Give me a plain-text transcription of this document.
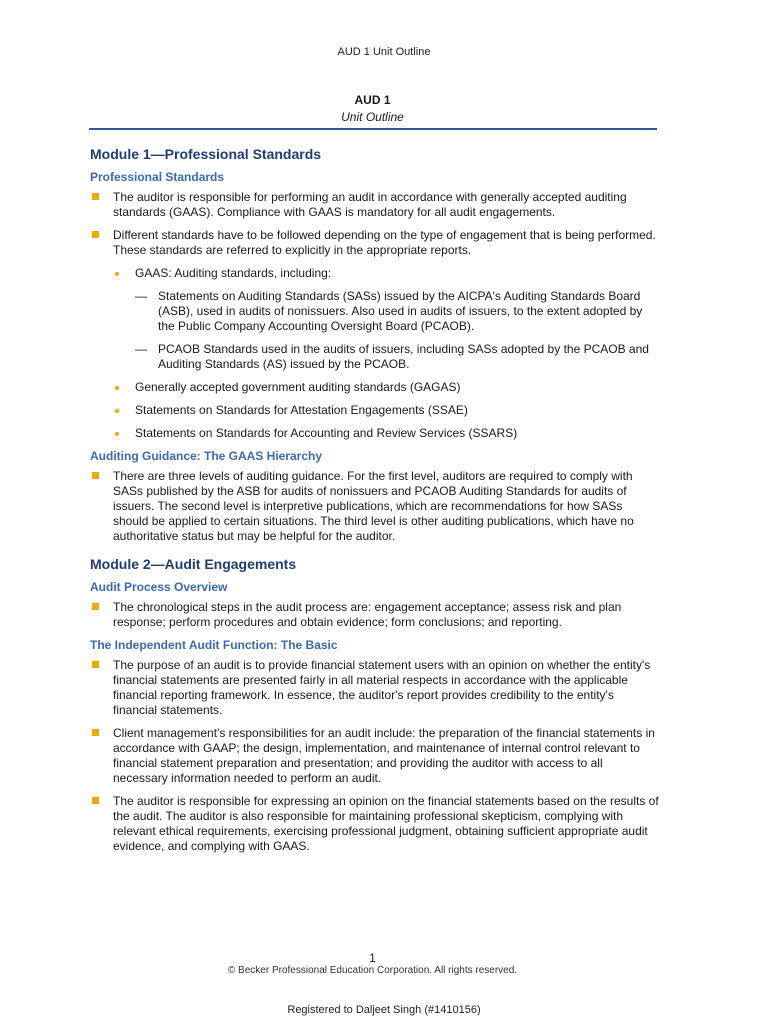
AUD 1 Unit Outline
AUD 1
Unit Outline
Module 1—Professional Standards
Professional Standards
The auditor is responsible for performing an audit in accordance with generally accepted auditing standards (GAAS). Compliance with GAAS is mandatory for all audit engagements.
Different standards have to be followed depending on the type of engagement that is being performed. These standards are referred to explicitly in the appropriate reports.
GAAS: Auditing standards, including:
— Statements on Auditing Standards (SASs) issued by the AICPA's Auditing Standards Board (ASB), used in audits of nonissuers. Also used in audits of issuers, to the extent adopted by the Public Company Accounting Oversight Board (PCAOB).
— PCAOB Standards used in the audits of issuers, including SASs adopted by the PCAOB and Auditing Standards (AS) issued by the PCAOB.
Generally accepted government auditing standards (GAGAS)
Statements on Standards for Attestation Engagements (SSAE)
Statements on Standards for Accounting and Review Services (SSARS)
Auditing Guidance: The GAAS Hierarchy
There are three levels of auditing guidance. For the first level, auditors are required to comply with SASs published by the ASB for audits of nonissuers and PCAOB Auditing Standards for audits of issuers. The second level is interpretive publications, which are recommendations for how SASs should be applied to certain situations. The third level is other auditing publications, which have no authoritative status but may be helpful for the auditor.
Module 2—Audit Engagements
Audit Process Overview
The chronological steps in the audit process are: engagement acceptance; assess risk and plan response; perform procedures and obtain evidence; form conclusions; and reporting.
The Independent Audit Function: The Basic
The purpose of an audit is to provide financial statement users with an opinion on whether the entity's financial statements are presented fairly in all material respects in accordance with the applicable financial reporting framework. In essence, the auditor's report provides credibility to the entity's financial statements.
Client management's responsibilities for an audit include: the preparation of the financial statements in accordance with GAAP; the design, implementation, and maintenance of internal control relevant to financial statement preparation and presentation; and providing the auditor with access to all necessary information needed to perform an audit.
The auditor is responsible for expressing an opinion on the financial statements based on the results of the audit. The auditor is also responsible for maintaining professional skepticism, complying with relevant ethical requirements, exercising professional judgment, obtaining sufficient appropriate audit evidence, and complying with GAAS.
1
© Becker Professional Education Corporation. All rights reserved.
Registered to Daljeet Singh (#1410156)
